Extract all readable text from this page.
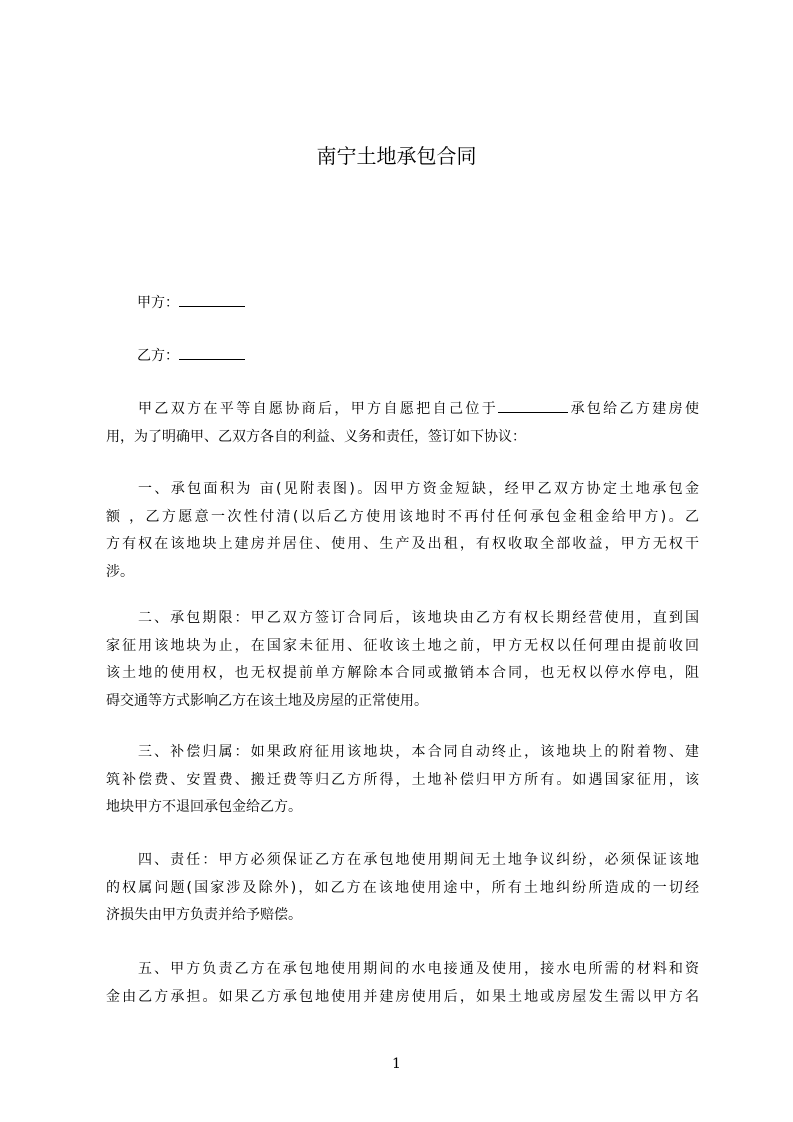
南宁土地承包合同
甲方：
乙方：
甲乙双方在平等自愿协商后，甲方自愿把自己位于	承包给乙方建房使
用，为了明确甲、乙双方各自的利益、义务和责任，签订如下协议：
一、承包面积为 亩(见附表图)。因甲方资金短缺，经甲乙双方协定土地承包金
额 ，乙方愿意一次性付清(以后乙方使用该地时不再付任何承包金租金给甲方)。乙
方有权在该地块上建房并居住、使用、生产及出租，有权收取全部收益，甲方无权干
涉。
二、承包期限：甲乙双方签订合同后，该地块由乙方有权长期经营使用，直到国
家征用该地块为止，在国家未征用、征收该土地之前，甲方无权以任何理由提前收回
该土地的使用权，也无权提前单方解除本合同或撤销本合同，也无权以停水停电，阻
碍交通等方式影响乙方在该土地及房屋的正常使用。
三、补偿归属：如果政府征用该地块，本合同自动终止，该地块上的附着物、建
筑补偿费、安置费、搬迁费等归乙方所得，土地补偿归甲方所有。如遇国家征用，该
地块甲方不退回承包金给乙方。
四、责任：甲方必须保证乙方在承包地使用期间无土地争议纠纷，必须保证该地
的权属问题(国家涉及除外)，如乙方在该地使用途中，所有土地纠纷所造成的一切经
济损失由甲方负责并给予赔偿。
五、甲方负责乙方在承包地使用期间的水电接通及使用，接水电所需的材料和资
金由乙方承担。如果乙方承包地使用并建房使用后，如果土地或房屋发生需以甲方名
1
